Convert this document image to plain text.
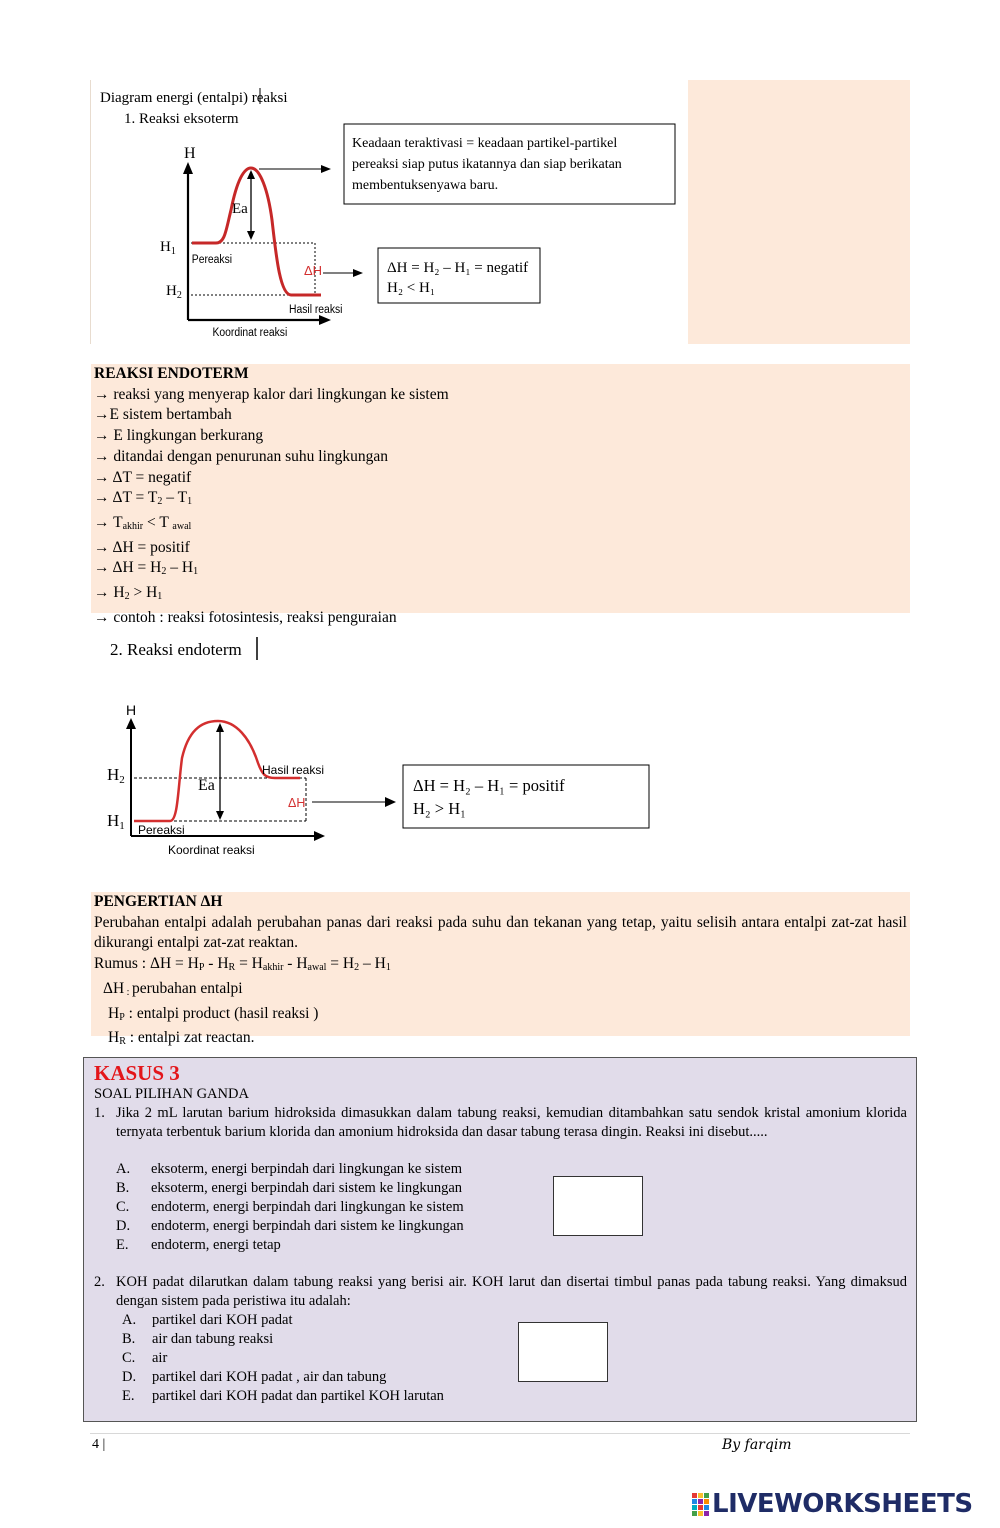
Diagram energi (entalpi) reaksi
1. Reaksi eksoterm
H
Ea
$H_1$
$H_2$
Pereaksi
Hasil reaksi
Koordinat reaksi
ΔH
Keadaan teraktivasi = keadaan partikel-partikel
pereaksi siap putus ikatannya dan siap berikatan
membentuksenyawa baru.
ΔH = H₂ – H₁ = negatif
H₂ < H₁
REAKSI ENDOTERM
→ reaksi yang menyerap kalor dari lingkungan ke sistem
→E sistem bertambah
→ E lingkungan berkurang
→ ditandai dengan penurunan suhu lingkungan
→ ΔT = negatif
→ $\Delta T = T_2 - T_1$
→ $T_{akhir} < T$ $_{awal}$
→ ΔH = positif
→ $\Delta H = H_2 - H_1$
→ $H_2 > H_1$
→ contoh : reaksi fotosintesis, reaksi penguraian
2. Reaksi endoterm
H
Ea
H2
H1
Hasil reaksi
Pereaksi
Koordinat reaksi
ΔH
ΔH = H₂ – H₁ = positif
H₂ > H₁
PENGERTIAN ΔH
Perubahan entalpi adalah perubahan panas dari reaksi pada suhu dan tekanan yang tetap, yaitu selisih antara entalpi zat-zat hasil dikurangi entalpi zat-zat reaktan.
Rumus : $\Delta H = H_P - H_R = H_{akhir} - H_{awal} = H_2 - H_1$
ΔH $_:$ perubahan entalpi
$H_P$ : entalpi product (hasil reaksi )
$H_R$ : entalpi zat reactan.
KASUS 3
SOAL PILIHAN GANDA
1. Jika 2 mL larutan barium hidroksida dimasukkan dalam tabung reaksi, kemudian ditambahkan satu sendok kristal amonium klorida ternyata terbentuk barium klorida dan amonium hidroksida dan dasar tabung terasa dingin. Reaksi ini disebut.....
A. eksoterm, energi berpindah dari lingkungan ke sistem
B. eksoterm, energi berpindah dari sistem ke lingkungan
C. endoterm, energi berpindah dari lingkungan ke sistem
D. endoterm, energi berpindah dari sistem ke lingkungan
E. endoterm, energi tetap
2. KOH padat dilarutkan dalam tabung reaksi yang berisi air. KOH larut dan disertai timbul panas pada tabung reaksi. Yang dimaksud dengan sistem pada peristiwa itu adalah:
A. partikel dari KOH padat
B. air dan tabung reaksi
C. air
D. partikel dari KOH padat , air dan tabung
E. partikel dari KOH padat dan partikel KOH larutan
4 |	By farqim
LIVEWORKSHEETS
